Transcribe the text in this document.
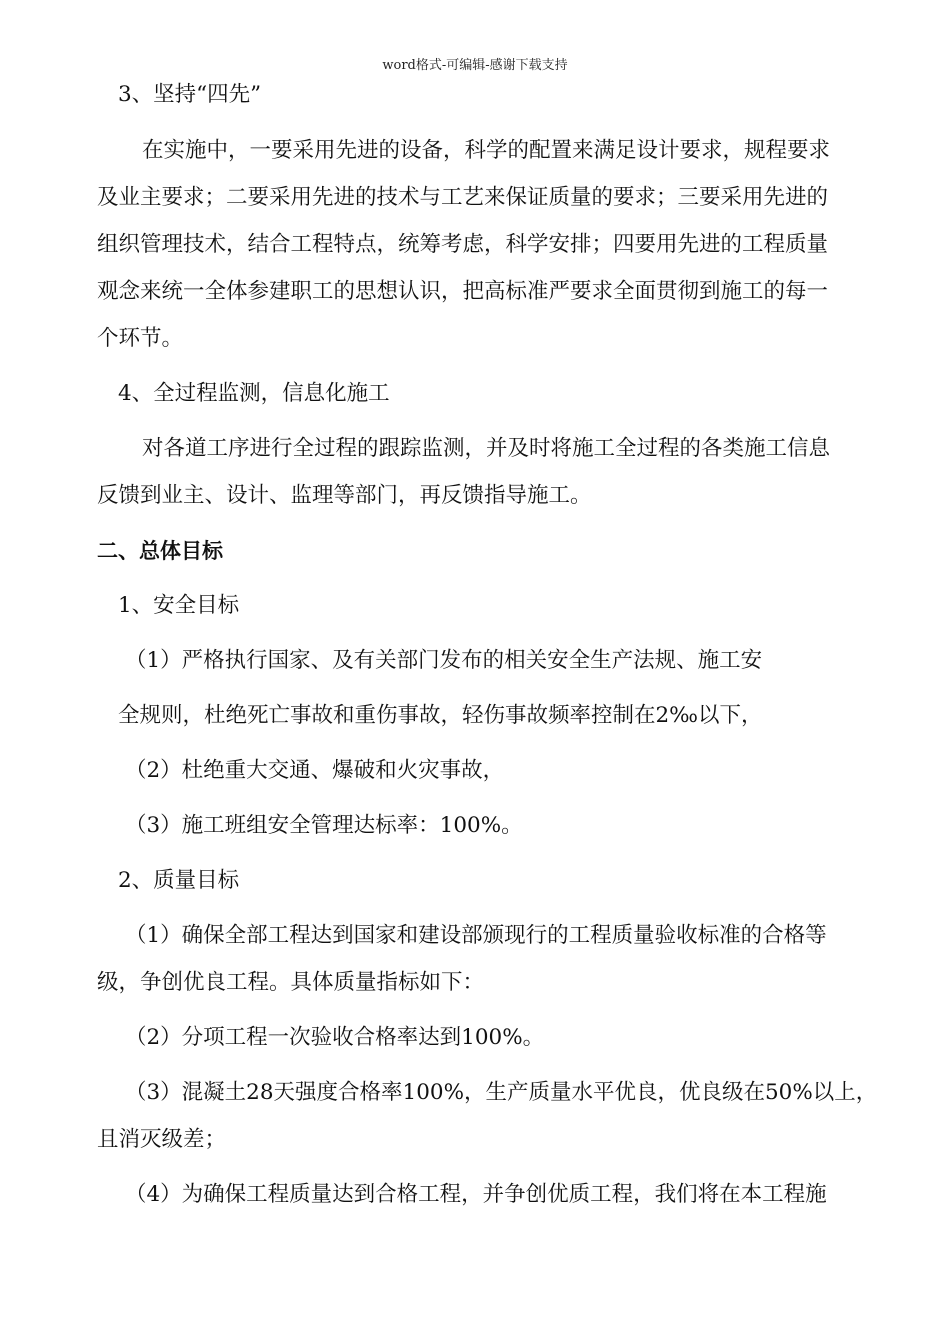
word格式-可编辑-感谢下载支持
3、坚持“四先”
在实施中，一要采用先进的设备，科学的配置来满足设计要求，规程要求
及业主要求；二要采用先进的技术与工艺来保证质量的要求；三要采用先进的
组织管理技术，结合工程特点，统筹考虑，科学安排；四要用先进的工程质量
观念来统一全体参建职工的思想认识，把高标准严要求全面贯彻到施工的每一
个环节。
4、全过程监测，信息化施工
对各道工序进行全过程的跟踪监测，并及时将施工全过程的各类施工信息
反馈到业主、设计、监理等部门，再反馈指导施工。
二、总体目标
1、安全目标
（1）严格执行国家、及有关部门发布的相关安全生产法规、施工安
全规则，杜绝死亡事故和重伤事故，轻伤事故频率控制在2‰以下，
（2）杜绝重大交通、爆破和火灾事故，
（3）施工班组安全管理达标率：100%。
2、质量目标
（1）确保全部工程达到国家和建设部颁现行的工程质量验收标准的合格等
级，争创优良工程。具体质量指标如下：
（2）分项工程一次验收合格率达到100%。
（3）混凝土28天强度合格率100%，生产质量水平优良，优良级在50%以上，
且消灭级差；
（4）为确保工程质量达到合格工程，并争创优质工程，我们将在本工程施
